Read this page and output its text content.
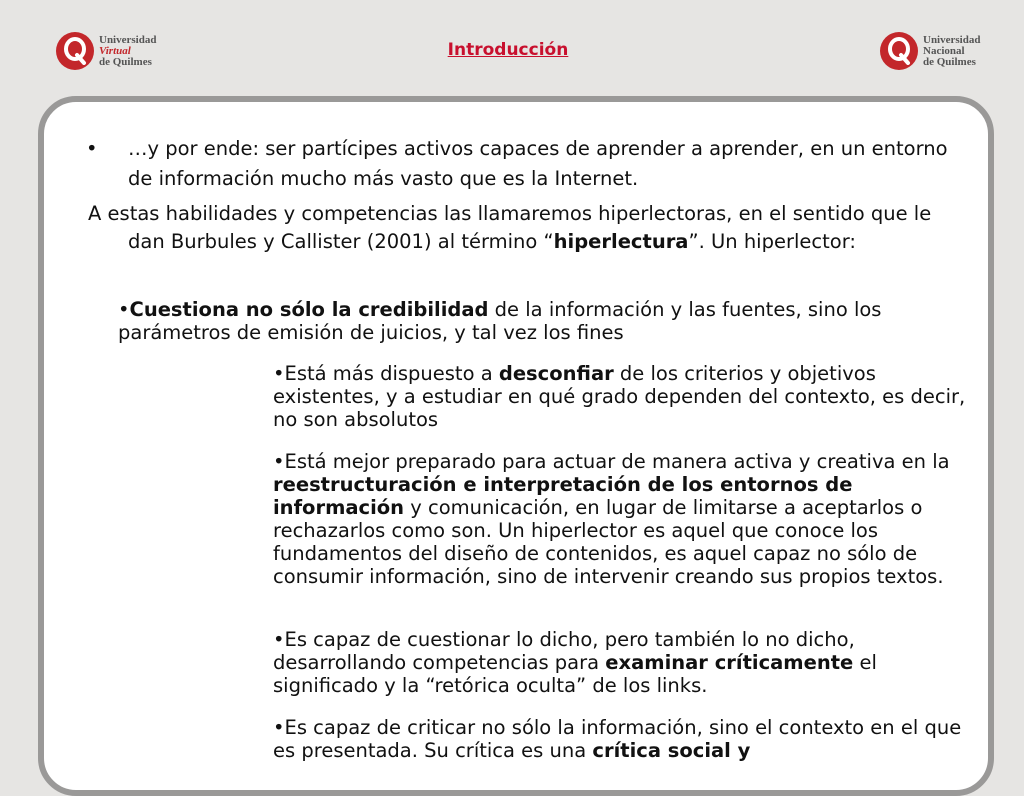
Universidad
Virtual
de Quilmes
Introducción
Universidad
Nacional
de Quilmes
•	…y por ende: ser partícipes activos capaces de aprender a aprender, en un entorno de información mucho más vasto que es la Internet.
A estas habilidades y competencias las llamaremos hiperlectoras, en el sentido que le dan Burbules y Callister (2001) al término “hiperlectura”. Un hiperlector:
•Cuestiona no sólo la credibilidad de la información y las fuentes, sino los parámetros de emisión de juicios, y tal vez los fines
•Está más dispuesto a desconfiar de los criterios y objetivos existentes, y a estudiar en qué grado dependen del contexto, es decir, no son absolutos
•Está mejor preparado para actuar de manera activa y creativa en la reestructuración e interpretación de los entornos de información y comunicación, en lugar de limitarse a aceptarlos o rechazarlos como son. Un hiperlector es aquel que conoce los fundamentos del diseño de contenidos, es aquel capaz no sólo de consumir información, sino de intervenir creando sus propios textos.
•Es capaz de cuestionar lo dicho, pero también lo no dicho, desarrollando competencias para examinar críticamente el significado y la “retórica oculta” de los links.
•Es capaz de criticar no sólo la información, sino el contexto en el que es presentada. Su crítica es una crítica social y
